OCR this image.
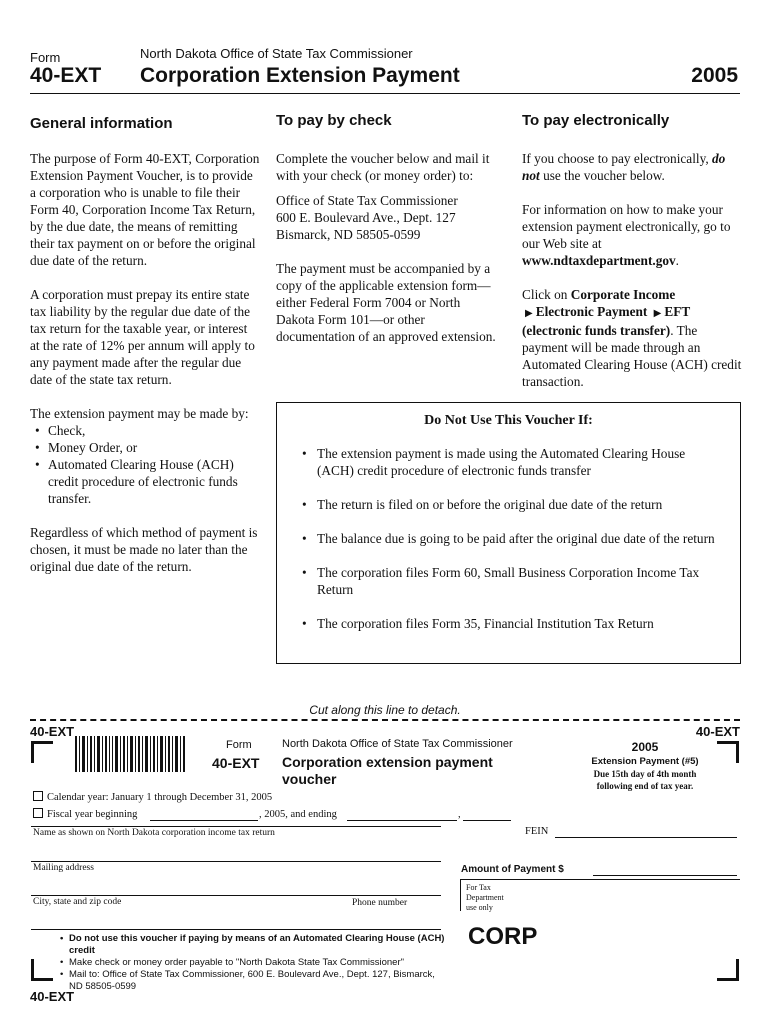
Form	North Dakota Office of State Tax Commissioner
40-EXT Corporation Extension Payment	2005
General information

The purpose of Form 40-EXT, Corporation Extension Payment Voucher, is to provide a corporation who is unable to file their Form 40, Corporation Income Tax Return, by the due date, the means of remitting their tax payment on or before the original due date of the return.

A corporation must prepay its entire state tax liability by the regular due date of the tax return for the taxable year, or interest at the rate of 12% per annum will apply to any payment made after the regular due date of the state tax return.

The extension payment may be made by:

• Check,
• Money Order, or
• Automated Clearing House (ACH) credit procedure of electronic funds transfer.

Regardless of which method of payment is chosen, it must be made no later than the original due date of the return.

To pay by check

Complete the voucher below and mail it with your check (or money order) to:

Office of State Tax Commissioner
600 E. Boulevard Ave., Dept. 127
Bismarck, ND 58505-0599

The payment must be accompanied by a copy of the applicable extension form—either Federal Form 7004 or North Dakota Form 101—or other documentation of an approved extension.

To pay electronically

If you choose to pay electronically, do not use the voucher below.

For information on how to make your extension payment electronically, go to our Web site at www.ndtaxdepartment.gov.

Click on Corporate Income ▶ Electronic Payment ▶ EFT (electronic funds transfer). The payment will be made through an Automated Clearing House (ACH) credit transaction.

Do Not Use This Voucher If:
• The extension payment is made using the Automated Clearing House (ACH) credit procedure of electronic funds transfer
• The return is filed on or before the original due date of the return
• The balance due is going to be paid after the original due date of the return
• The corporation files Form 60, Small Business Corporation Income Tax Return
• The corporation files Form 35, Financial Institution Tax Return
Cut along this line to detach.
40-EXT	40-EXT
Form
40-EXT
North Dakota Office of State Tax Commissioner
Corporation extension payment
voucher
2005
Extension Payment (#5)
Due 15th day of 4th month
following end of tax year.
Calendar year: January 1 through December 31, 2005
Fiscal year beginning	, 2005, and ending	,
Name as shown on North Dakota corporation income tax return	FEIN
Mailing address	Amount of Payment $
City, state and zip code	Phone number
For Tax
Department
use only
• Do not use this voucher if paying by means of an Automated Clearing House (ACH) credit
• Make check or money order payable to "North Dakota State Tax Commissioner"
• Mail to: Office of State Tax Commissioner, 600 E. Boulevard Ave., Dept. 127, Bismarck, ND 58505-0599
CORP
40-EXT
